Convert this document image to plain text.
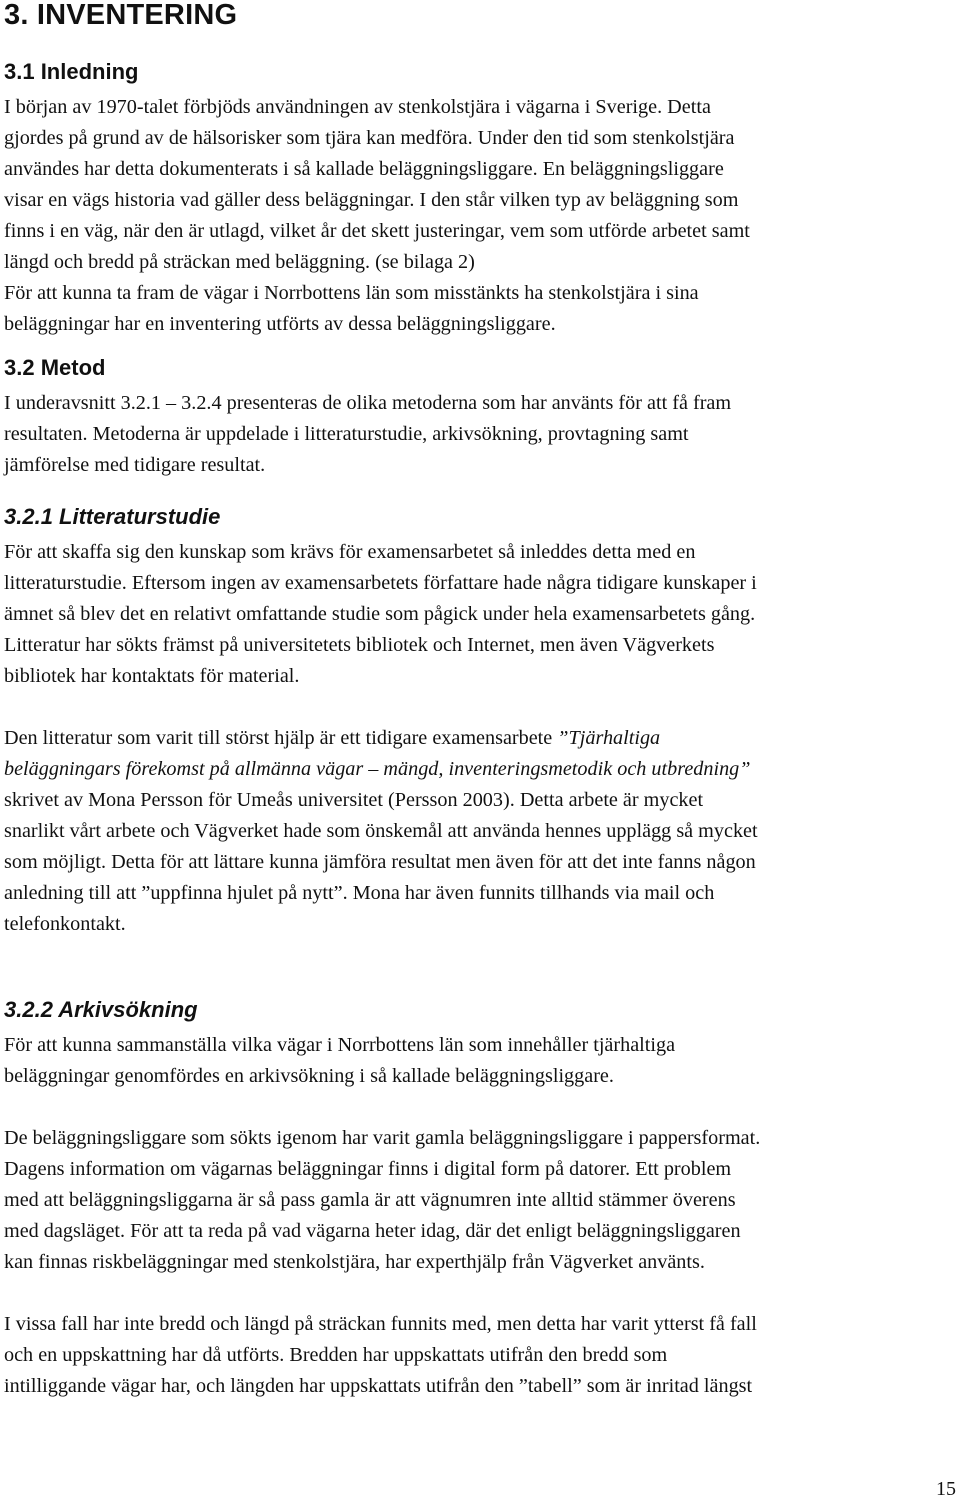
3. INVENTERING
3.1 Inledning

I början av 1970-talet förbjöds användningen av stenkolstjära i vägarna i Sverige. Detta
gjordes på grund av de hälsorisker som tjära kan medföra. Under den tid som stenkolstjära
användes har detta dokumenterats i så kallade beläggningsliggare. En beläggningsliggare
visar en vägs historia vad gäller dess beläggningar. I den står vilken typ av beläggning som
finns i en väg, när den är utlagd, vilket år det skett justeringar, vem som utförde arbetet samt
längd och bredd på sträckan med beläggning. (se bilaga 2)
För att kunna ta fram de vägar i Norrbottens län som misstänkts ha stenkolstjära i sina
beläggningar har en inventering utförts av dessa beläggningsliggare.

3.2 Metod

I underavsnitt 3.2.1 – 3.2.4 presenteras de olika metoderna som har använts för att få fram
resultaten. Metoderna är uppdelade i litteraturstudie, arkivsökning, provtagning samt
jämförelse med tidigare resultat.

3.2.1 Litteraturstudie

För att skaffa sig den kunskap som krävs för examensarbetet så inleddes detta med en
litteraturstudie. Eftersom ingen av examensarbetets författare hade några tidigare kunskaper i
ämnet så blev det en relativt omfattande studie som pågick under hela examensarbetets gång.
Litteratur har sökts främst på universitetets bibliotek och Internet, men även Vägverkets
bibliotek har kontaktats för material.

Den litteratur som varit till störst hjälp är ett tidigare examensarbete ”Tjärhaltiga
beläggningars förekomst på allmänna vägar – mängd, inventeringsmetodik och utbredning”
skrivet av Mona Persson för Umeås universitet (Persson 2003). Detta arbete är mycket
snarlikt vårt arbete och Vägverket hade som önskemål att använda hennes upplägg så mycket
som möjligt. Detta för att lättare kunna jämföra resultat men även för att det inte fanns någon
anledning till att ”uppfinna hjulet på nytt”. Mona har även funnits tillhands via mail och
telefonkontakt.

3.2.2 Arkivsökning

För att kunna sammanställa vilka vägar i Norrbottens län som innehåller tjärhaltiga
beläggningar genomfördes en arkivsökning i så kallade beläggningsliggare.

De beläggningsliggare som sökts igenom har varit gamla beläggningsliggare i pappersformat.
Dagens information om vägarnas beläggningar finns i digital form på datorer. Ett problem
med att beläggningsliggarna är så pass gamla är att vägnumren inte alltid stämmer överens
med dagsläget. För att ta reda på vad vägarna heter idag, där det enligt beläggningsliggaren
kan finnas riskbeläggningar med stenkolstjära, har experthjälp från Vägverket använts.

I vissa fall har inte bredd och längd på sträckan funnits med, men detta har varit ytterst få fall
och en uppskattning har då utförts. Bredden har uppskattats utifrån den bredd som
intilliggande vägar har, och längden har uppskattats utifrån den ”tabell” som är inritad längst

15
